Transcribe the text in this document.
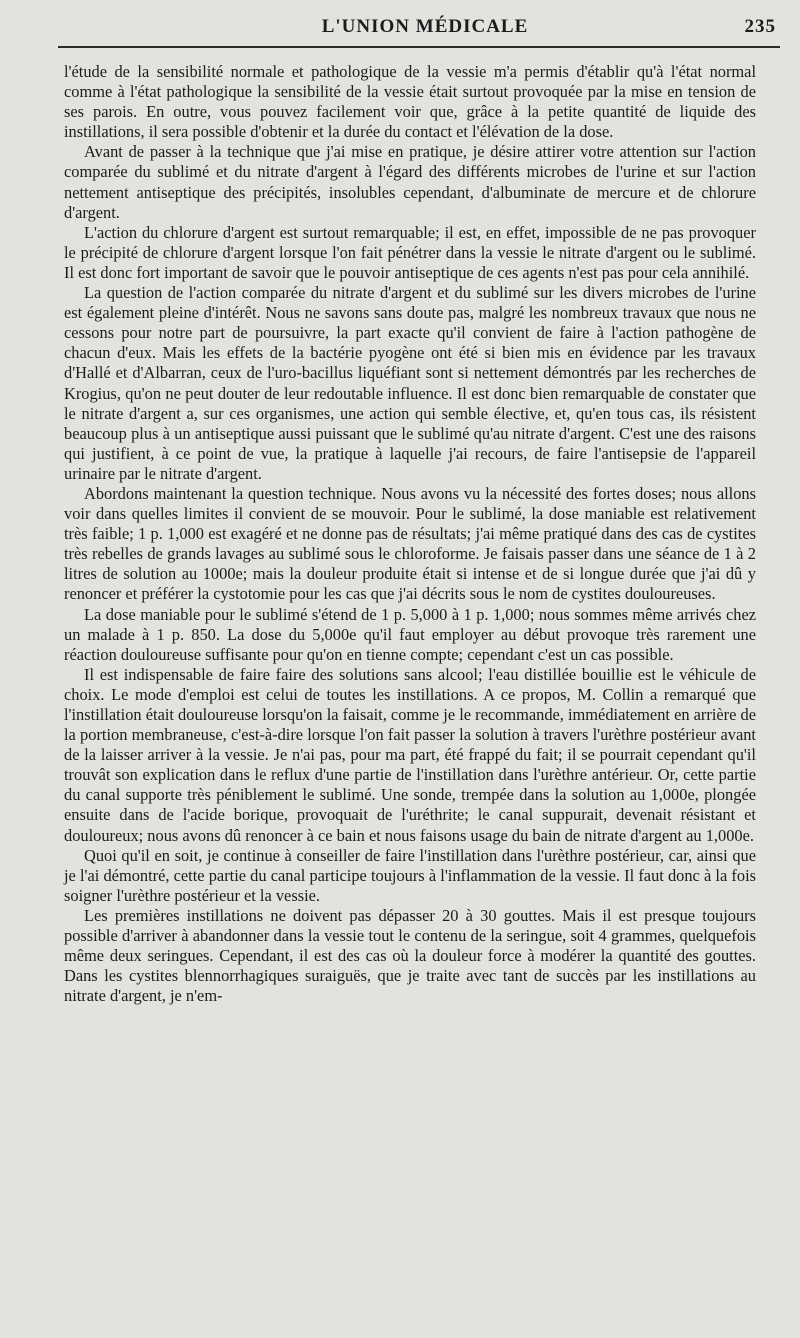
L'UNION MÉDICALE	235

l'étude de la sensibilité normale et pathologique de la vessie m'a permis d'établir qu'à l'état normal comme à l'état pathologique la sensibilité de la vessie était surtout provoquée par la mise en tension de ses parois. En outre, vous pouvez facilement voir que, grâce à la petite quantité de liquide des instillations, il sera possible d'obtenir et la durée du contact et l'élévation de la dose.

Avant de passer à la technique que j'ai mise en pratique, je désire attirer votre attention sur l'action comparée du sublimé et du nitrate d'argent à l'égard des différents microbes de l'urine et sur l'action nettement antiseptique des précipités, insolubles cependant, d'albuminate de mercure et de chlorure d'argent.

L'action du chlorure d'argent est surtout remarquable; il est, en effet, impossible de ne pas provoquer le précipité de chlorure d'argent lorsque l'on fait pénétrer dans la vessie le nitrate d'argent ou le sublimé. Il est donc fort important de savoir que le pouvoir antiseptique de ces agents n'est pas pour cela annihilé.

La question de l'action comparée du nitrate d'argent et du sublimé sur les divers microbes de l'urine est également pleine d'intérêt. Nous ne savons sans doute pas, malgré les nombreux travaux que nous ne cessons pour notre part de poursuivre, la part exacte qu'il convient de faire à l'action pathogène de chacun d'eux. Mais les effets de la bactérie pyogène ont été si bien mis en évidence par les travaux d'Hallé et d'Albarran, ceux de l'uro-bacillus liquéfiant sont si nettement démontrés par les recherches de Krogius, qu'on ne peut douter de leur redoutable influence. Il est donc bien remarquable de constater que le nitrate d'argent a, sur ces organismes, une action qui semble élective, et, qu'en tous cas, ils résistent beaucoup plus à un antiseptique aussi puissant que le sublimé qu'au nitrate d'argent. C'est une des raisons qui justifient, à ce point de vue, la pratique à laquelle j'ai recours, de faire l'antisepsie de l'appareil urinaire par le nitrate d'argent.

Abordons maintenant la question technique. Nous avons vu la nécessité des fortes doses; nous allons voir dans quelles limites il convient de se mouvoir. Pour le sublimé, la dose maniable est relativement très faible; 1 p. 1,000 est exagéré et ne donne pas de résultats; j'ai même pratiqué dans des cas de cystites très rebelles de grands lavages au sublimé sous le chloroforme. Je faisais passer dans une séance de 1 à 2 litres de solution au 1000e; mais la douleur produite était si intense et de si longue durée que j'ai dû y renoncer et préférer la cystotomie pour les cas que j'ai décrits sous le nom de cystites douloureuses.

La dose maniable pour le sublimé s'étend de 1 p. 5,000 à 1 p. 1,000; nous sommes même arrivés chez un malade à 1 p. 850. La dose du 5,000e qu'il faut employer au début provoque très rarement une réaction douloureuse suffisante pour qu'on en tienne compte; cependant c'est un cas possible.

Il est indispensable de faire faire des solutions sans alcool; l'eau distillée bouillie est le véhicule de choix. Le mode d'emploi est celui de toutes les instillations. A ce propos, M. Collin a remarqué que l'instillation était douloureuse lorsqu'on la faisait, comme je le recommande, immédiatement en arrière de la portion membraneuse, c'est-à-dire lorsque l'on fait passer la solution à travers l'urèthre postérieur avant de la laisser arriver à la vessie. Je n'ai pas, pour ma part, été frappé du fait; il se pourrait cependant qu'il trouvât son explication dans le reflux d'une partie de l'instillation dans l'urèthre antérieur. Or, cette partie du canal supporte très péniblement le sublimé. Une sonde, trempée dans la solution au 1,000e, plongée ensuite dans de l'acide borique, provoquait de l'uréthrite; le canal suppurait, devenait résistant et douloureux; nous avons dû renoncer à ce bain et nous faisons usage du bain de nitrate d'argent au 1,000e.

Quoi qu'il en soit, je continue à conseiller de faire l'instillation dans l'urèthre postérieur, car, ainsi que je l'ai démontré, cette partie du canal participe toujours à l'inflammation de la vessie. Il faut donc à la fois soigner l'urèthre postérieur et la vessie.

Les premières instillations ne doivent pas dépasser 20 à 30 gouttes. Mais il est presque toujours possible d'arriver à abandonner dans la vessie tout le contenu de la seringue, soit 4 grammes, quelquefois même deux seringues. Cependant, il est des cas où la douleur force à modérer la quantité des gouttes. Dans les cystites blennorrhagiques suraiguës, que je traite avec tant de succès par les instillations au nitrate d'argent, je n'em-
